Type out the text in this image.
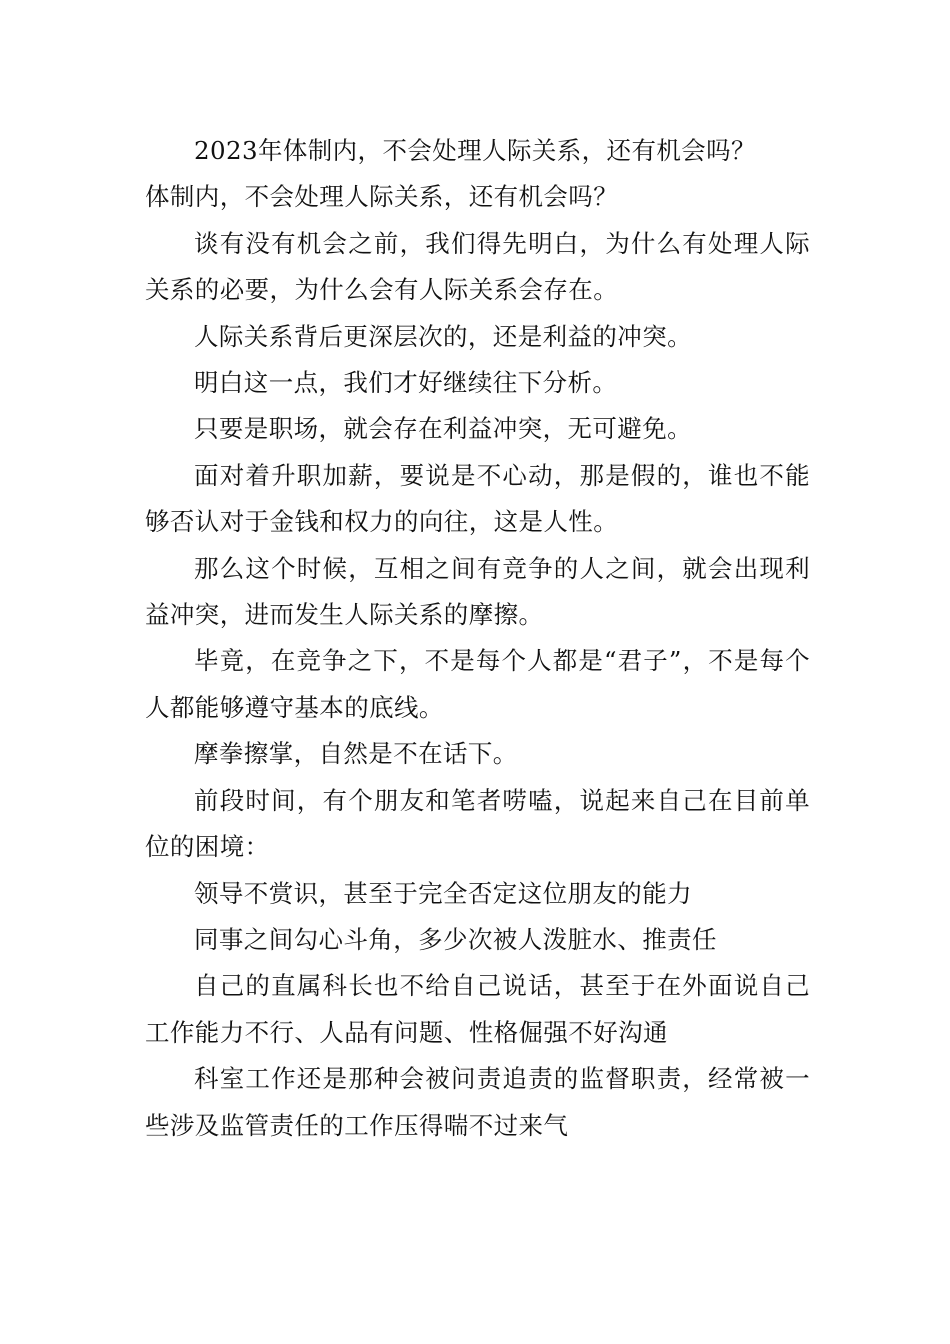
2023年体制内，不会处理人际关系，还有机会吗？

体制内，不会处理人际关系，还有机会吗？

谈有没有机会之前，我们得先明白，为什么有处理人际关系的必要，为什么会有人际关系会存在。

人际关系背后更深层次的，还是利益的冲突。

明白这一点，我们才好继续往下分析。

只要是职场，就会存在利益冲突，无可避免。

面对着升职加薪，要说是不心动，那是假的，谁也不能够否认对于金钱和权力的向往，这是人性。

那么这个时候，互相之间有竞争的人之间，就会出现利益冲突，进而发生人际关系的摩擦。

毕竟，在竞争之下，不是每个人都是“君子”，不是每个人都能够遵守基本的底线。

摩拳擦掌，自然是不在话下。

前段时间，有个朋友和笔者唠嗑，说起来自己在目前单位的困境：

领导不赏识，甚至于完全否定这位朋友的能力

同事之间勾心斗角，多少次被人泼脏水、推责任

自己的直属科长也不给自己说话，甚至于在外面说自己工作能力不行、人品有问题、性格倔强不好沟通

科室工作还是那种会被问责追责的监督职责，经常被一些涉及监管责任的工作压得喘不过来气
